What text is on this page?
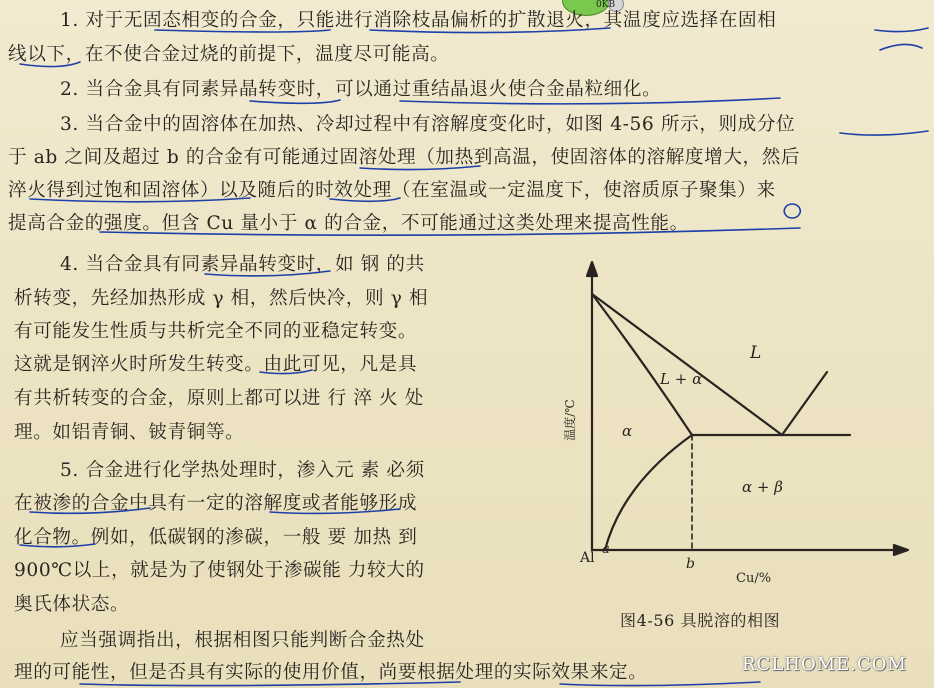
0KB
1. 对于无固态相变的合金，只能进行消除枝晶偏析的扩散退火，其温度应选择在固相
线以下，在不使合金过烧的前提下，温度尽可能高。
2. 当合金具有同素异晶转变时，可以通过重结晶退火使合金晶粒细化。
3. 当合金中的固溶体在加热、冷却过程中有溶解度变化时，如图 4-56 所示，则成分位
于 ab 之间及超过 b 的合金有可能通过固溶处理（加热到高温，使固溶体的溶解度增大，然后
淬火得到过饱和固溶体）以及随后的时效处理（在室温或一定温度下，使溶质原子聚集）来
提高合金的强度。但含 Cu 量小于 α 的合金，不可能通过这类处理来提高性能。
4. 当合金具有同素异晶转变时，如 钢 的共
析转变，先经加热形成 γ 相，然后快冷，则 γ 相
有可能发生性质与共析完全不同的亚稳定转变。
这就是钢淬火时所发生转变。由此可见，凡是具
有共析转变的合金，原则上都可以进 行 淬 火 处
理。如铝青铜、铍青铜等。
5. 合金进行化学热处理时，渗入元 素 必须
在被渗的合金中具有一定的溶解度或者能够形成
化合物。例如，低碳钢的渗碳，一般 要 加热 到
900℃以上，就是为了使钢处于渗碳能 力较大的
奥氏体状态。
应当强调指出，根据相图只能判断合金热处
理的可能性，但是否具有实际的使用价值，尚要根据处理的实际效果来定。
L
L + α
α
α + β
温度/℃
Cu/%
Al
a
b
图4-56 具脱溶的相图
RCLHOME.COM
